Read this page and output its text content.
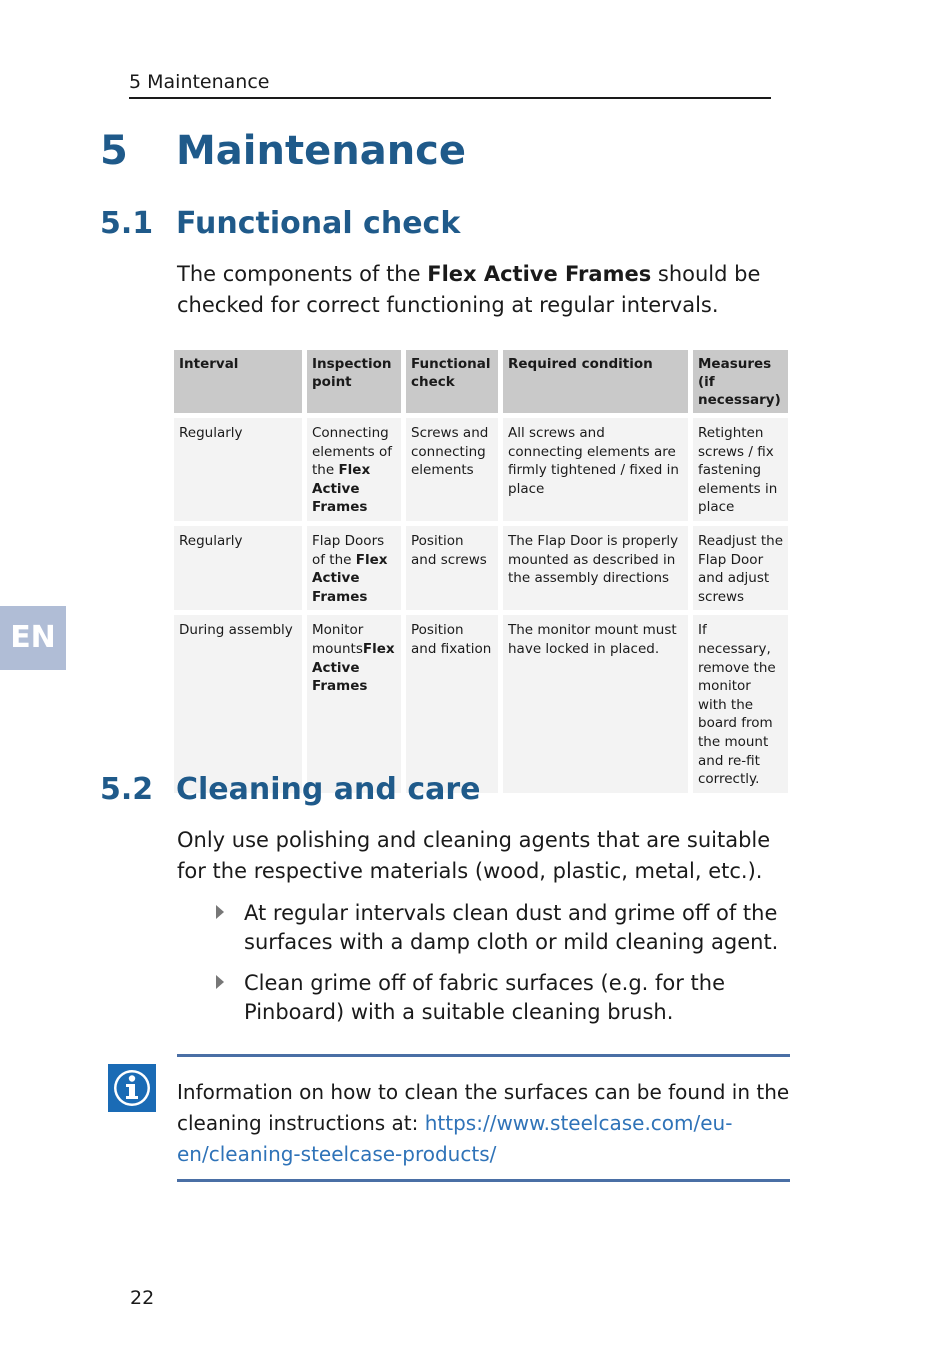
5 Maintenance
5 Maintenance
5.1 Functional check
The components of the Flex Active Frames should be checked for correct functioning at regular intervals.
Interval	Inspection point	Functional check	Required condition	Measures (if necessary)
Regularly	Connecting elements of the Flex Active Frames	Screws and connecting elements	All screws and connecting elements are firmly tightened / fixed in place	Retighten screws / fix fastening elements in place
Regularly	Flap Doors of the Flex Active Frames	Position and screws	The Flap Door is properly mounted as described in the assembly directions	Readjust the Flap Door and adjust screws
During assembly	Monitor mountsFlex Active Frames	Position and fixation	The monitor mount must have locked in placed.	If necessary, remove the monitor with the board from the mount and re-fit correctly.
EN
5.2 Cleaning and care
Only use polishing and cleaning agents that are suitable for the respective materials (wood, plastic, metal, etc.).
At regular intervals clean dust and grime off of the surfaces with a damp cloth or mild cleaning agent.
Clean grime off of fabric surfaces (e.g. for the Pinboard) with a suitable cleaning brush.
Information on how to clean the surfaces can be found in the cleaning instructions at: https://www.steelcase.com/eu-en/cleaning-steelcase-products/
22
